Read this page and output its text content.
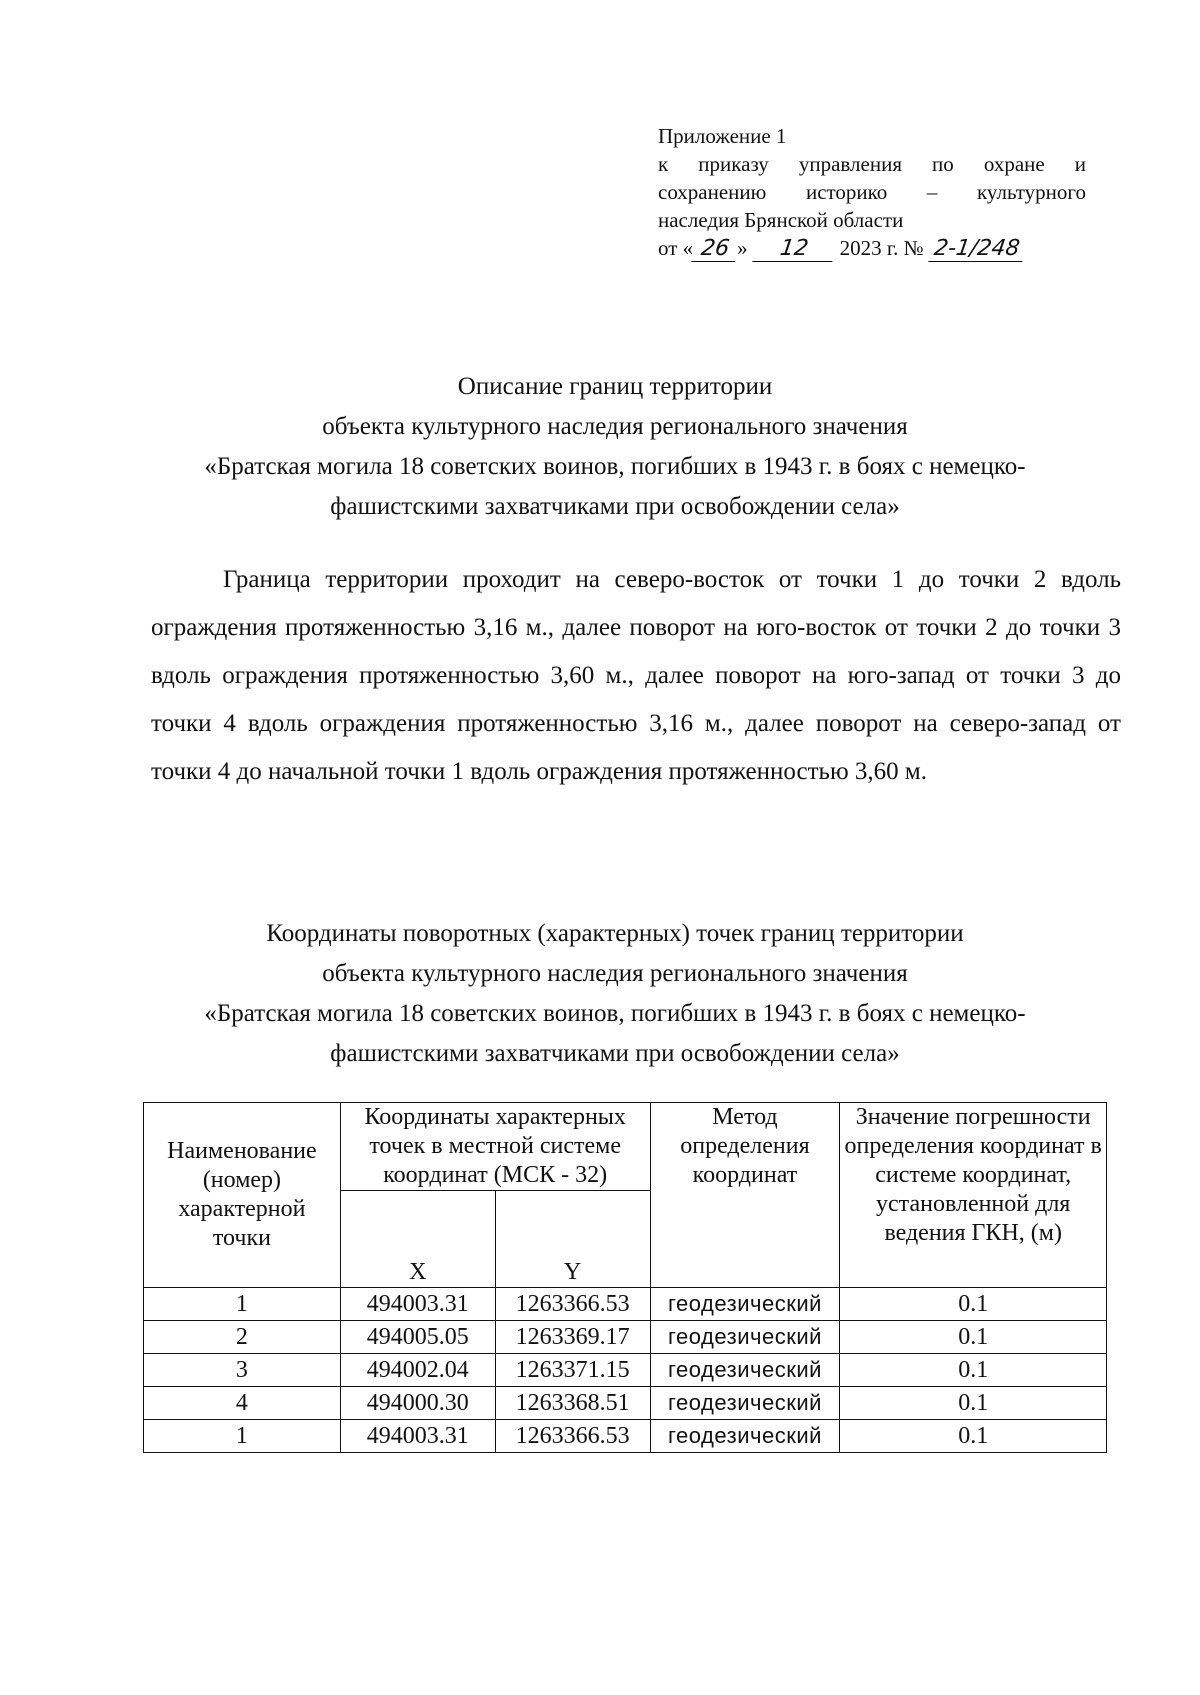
Приложение 1
к приказу управления по охране и
сохранению историко – культурного
наследия Брянской области
от « 26 » 12 2023 г. № 2-1/248
Описание границ территории
объекта культурного наследия регионального значения
«Братская могила 18 советских воинов, погибших в 1943 г. в боях с немецко-
фашистскими захватчиками при освобождении села»

Граница территории проходит на северо-восток от точки 1 до точки 2 вдоль ограждения протяженностью 3,16 м., далее поворот на юго-восток от точки 2 до точки 3 вдоль ограждения протяженностью 3,60 м., далее поворот на юго-запад от точки 3 до точки 4 вдоль ограждения протяженностью 3,16 м., далее поворот на северо-запад от точки 4 до начальной точки 1 вдоль ограждения протяженностью 3,60 м.

Координаты поворотных (характерных) точек границ территории
объекта культурного наследия регионального значения
«Братская могила 18 советских воинов, погибших в 1943 г. в боях с немецко-
фашистскими захватчиками при освобождении села»
Наименование (номер) характерной точки	Координаты характерных точек в местной системе координат (МСК - 32)		Метод определения координат	Значение погрешности определения координат в системе координат, установленной для ведения ГКН, (м)
	X	Y		
1	494003.31	1263366.53	геодезический	0.1
2	494005.05	1263369.17	геодезический	0.1
3	494002.04	1263371.15	геодезический	0.1
4	494000.30	1263368.51	геодезический	0.1
1	494003.31	1263366.53	геодезический	0.1
